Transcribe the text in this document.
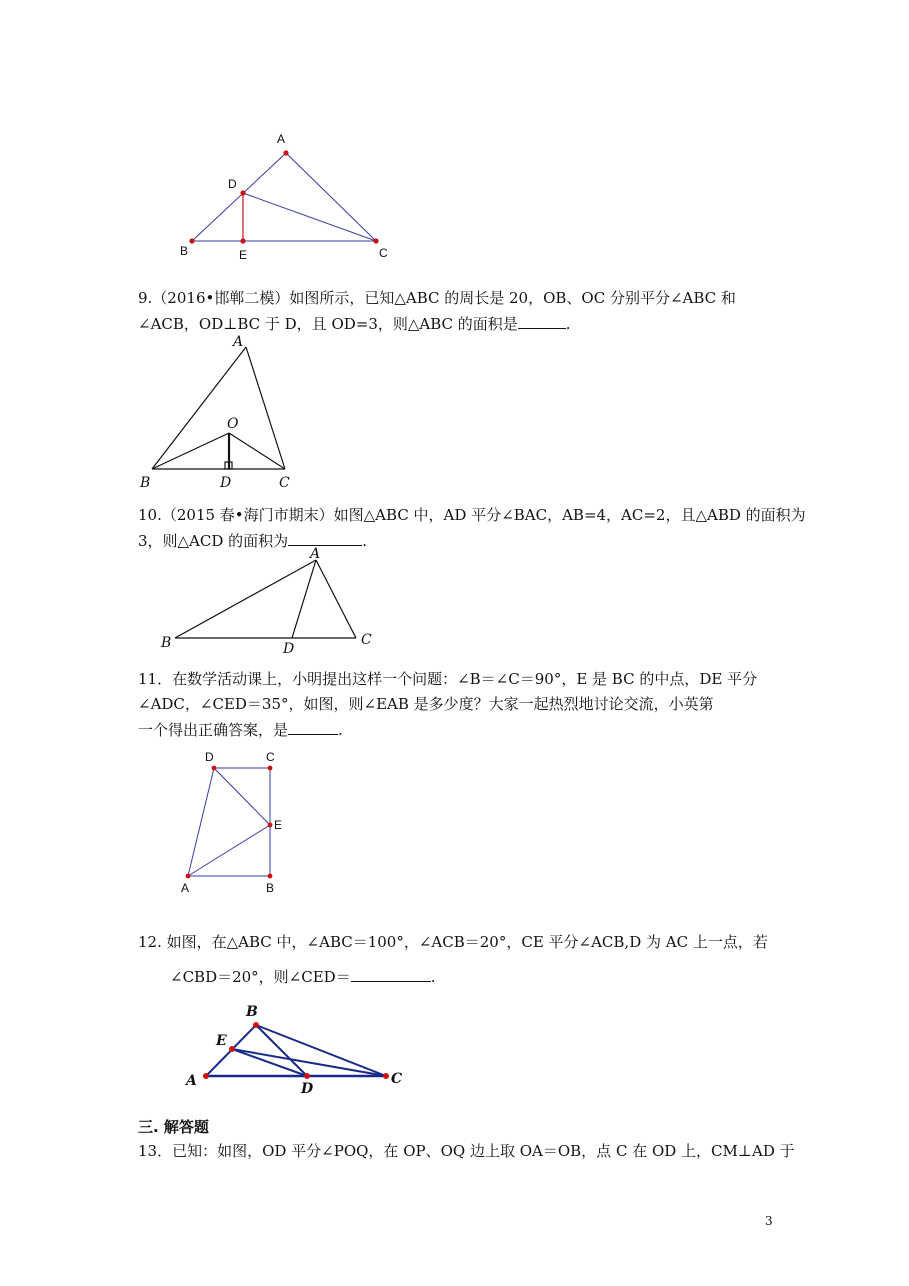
A
D
B	E	C
9.（2016•邯郸二模）如图所示，已知△ABC 的周长是 20，OB、OC 分别平分∠ABC 和
∠ACB，OD⊥BC 于 D，且 OD=3，则△ABC 的面积是	.
A
O
B	D	C
10.（2015 春•海门市期末）如图△ABC 中，AD 平分∠BAC，AB=4，AC=2，且△ABD 的面积为
3，则△ACD 的面积为	.
A
B	D
C
11．在数学活动课上，小明提出这样一个问题：∠B＝∠C＝90°，E 是 BC 的中点，DE 平分
∠ADC，∠CED＝35°，如图，则∠EAB 是多少度？大家一起热烈地讨论交流，小英第
一个得出正确答案，是	.
D	C
E
A	B
12. 如图，在△ABC 中，∠ABC＝100°，∠ACB＝20°，CE 平分∠ACB,D 为 AC 上一点，若
∠CBD＝20°，则∠CED＝	.
B
E
A	D
C
三. 解答题
13．已知：如图，OD 平分∠POQ，在 OP、OQ 边上取 OA＝OB，点 C 在 OD 上，CM⊥AD 于
3
